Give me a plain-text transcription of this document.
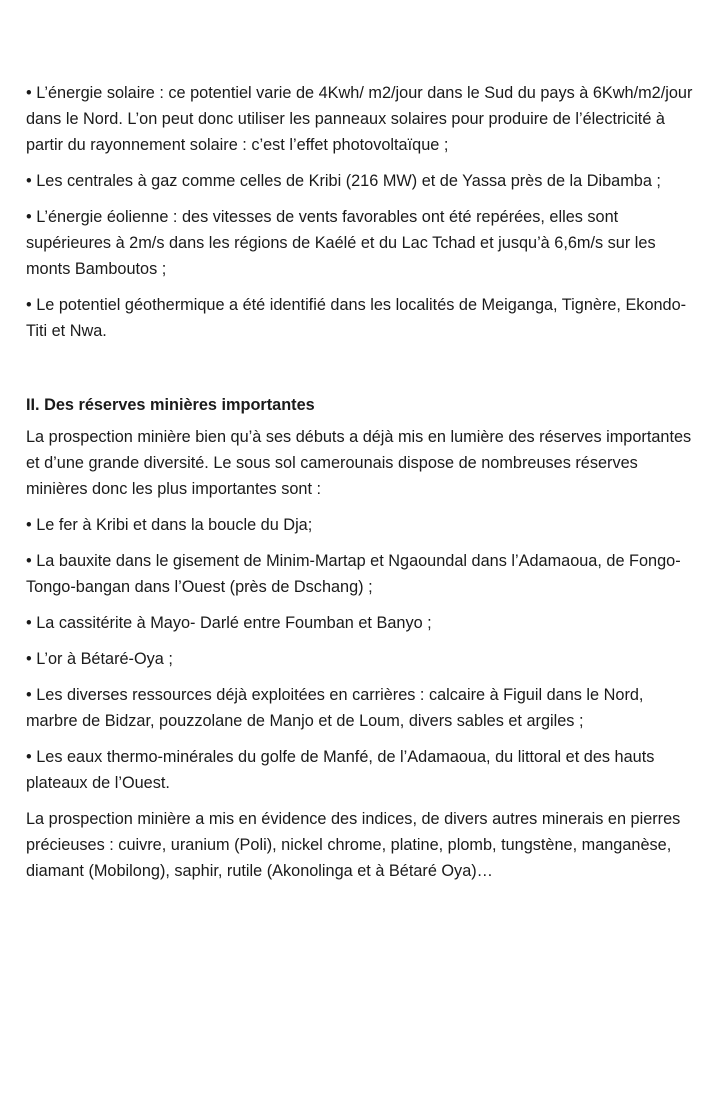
• L’énergie solaire : ce potentiel varie de 4Kwh/ m2/jour dans le Sud du pays à 6Kwh/m2/jour dans le Nord. L’on peut donc utiliser les panneaux solaires pour produire de l’électricité à partir du rayonnement solaire : c’est l’effet photovoltaïque ;

• Les centrales à gaz comme celles de Kribi (216 MW) et de Yassa près de la Dibamba ;

• L’énergie éolienne : des vitesses de vents favorables ont été repérées, elles sont supérieures à 2m/s dans les régions de Kaélé et du Lac Tchad et jusqu’à 6,6m/s sur les monts Bamboutos ;

• Le potentiel géothermique a été identifié dans les localités de Meiganga, Tignère, Ekondo-Titi et Nwa.

II. Des réserves minières importantes

La prospection minière bien qu’à ses débuts a déjà mis en lumière des réserves importantes et d’une grande diversité. Le sous sol camerounais dispose de nombreuses réserves minières donc les plus importantes sont :

• Le fer à Kribi et dans la boucle du Dja;

• La bauxite dans le gisement de Minim-Martap et Ngaoundal dans l’Adamaoua, de Fongo-Tongo-bangan dans l’Ouest (près de Dschang) ;

• La cassitérite à Mayo- Darlé entre Foumban et Banyo ;

• L’or à Bétaré-Oya ;

• Les diverses ressources déjà exploitées en carrières : calcaire à Figuil dans le Nord, marbre de Bidzar, pouzzolane de Manjo et de Loum, divers sables et argiles ;

• Les eaux thermo-minérales du golfe de Manfé, de l’Adamaoua, du littoral et des hauts plateaux de l’Ouest.

La prospection minière a mis en évidence des indices, de divers autres minerais en pierres précieuses : cuivre, uranium (Poli), nickel chrome, platine, plomb, tungstène, manganèse, diamant (Mobilong), saphir, rutile (Akonolinga et à Bétaré Oya)…
